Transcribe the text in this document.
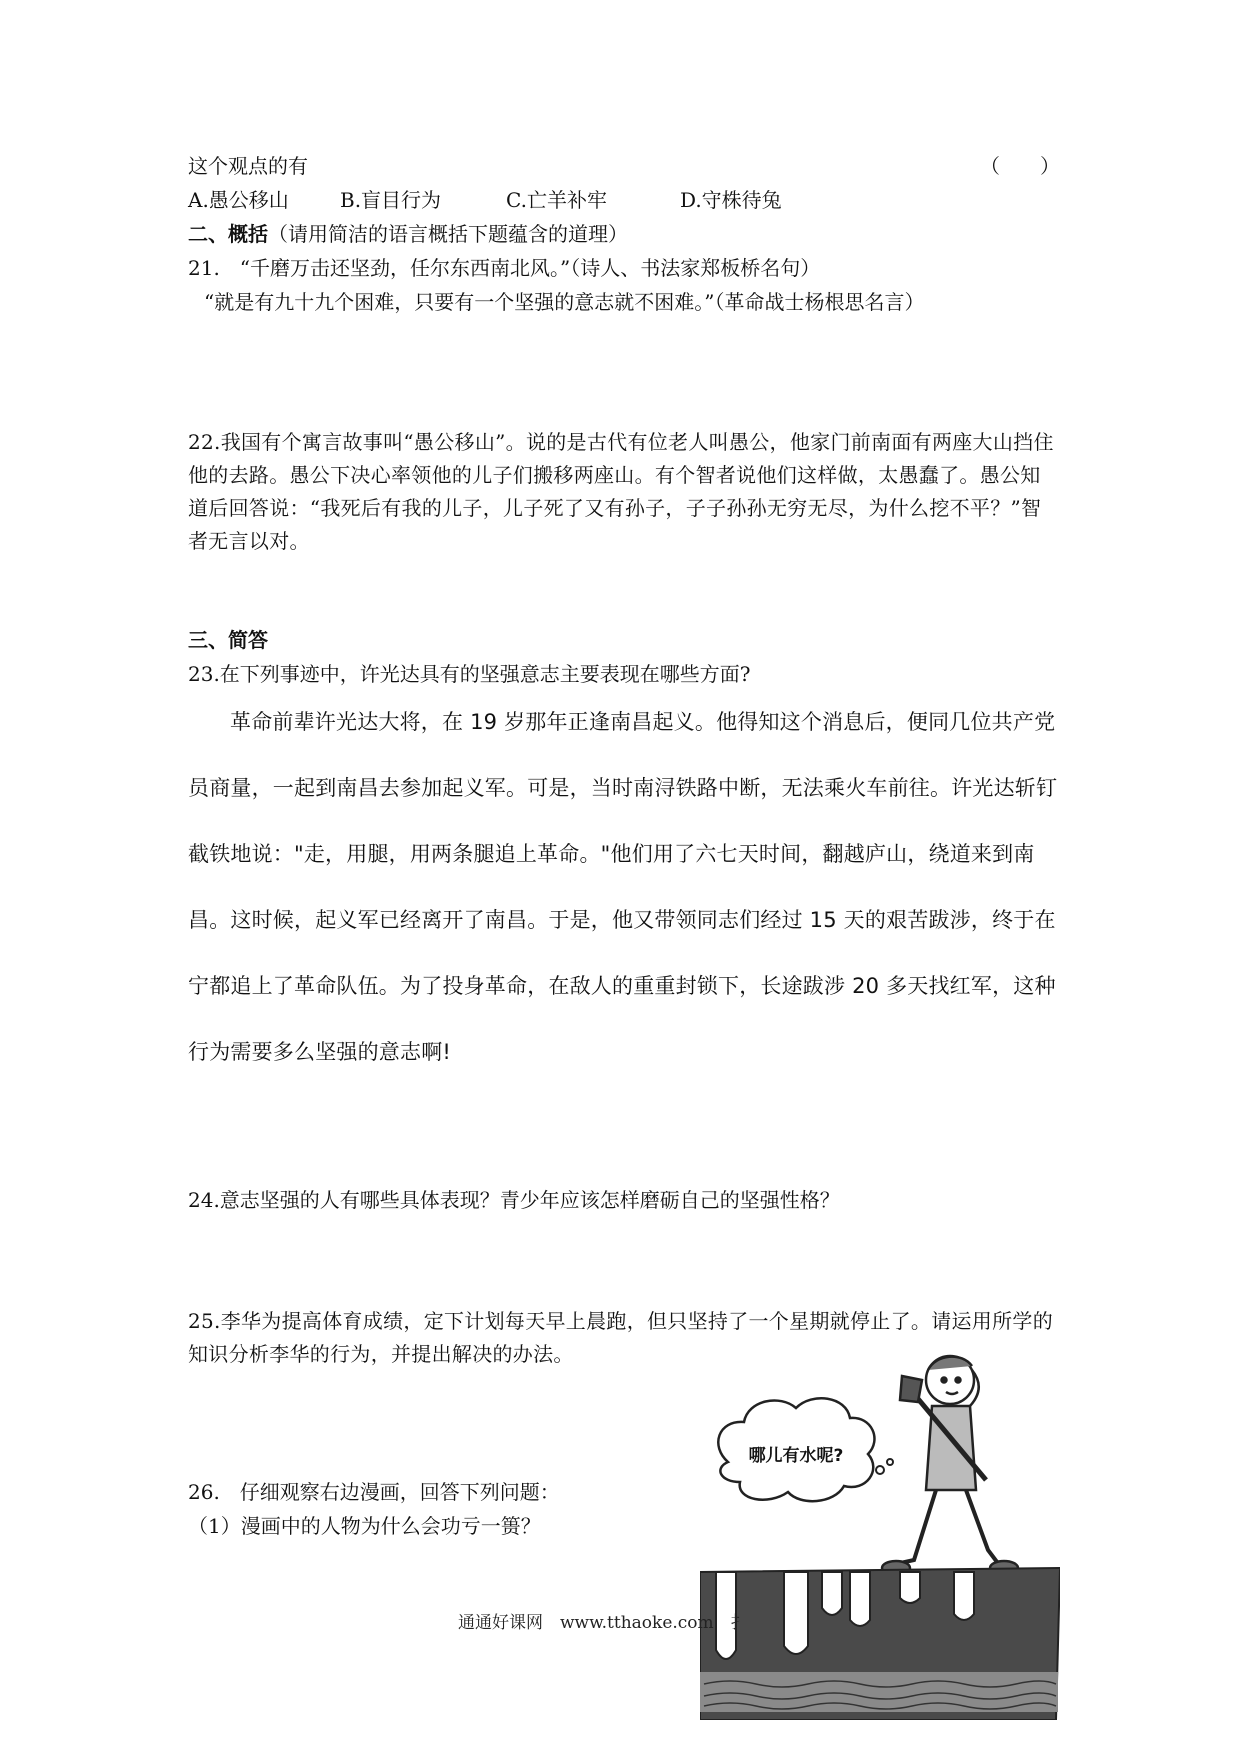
这个观点的有	（　　）
A.愚公移山	B.盲目行为	C.亡羊补牢	D.守株待兔
二、概括（请用简洁的语言概括下题蕴含的道理）
21.　“千磨万击还坚劲，任尔东西南北风。”（诗人、书法家郑板桥名句）
“就是有九十九个困难，只要有一个坚强的意志就不困难。”（革命战士杨根思名言）
22.我国有个寓言故事叫“愚公移山”。说的是古代有位老人叫愚公，他家门前南面有两座大山挡住他的去路。愚公下决心率领他的儿子们搬移两座山。有个智者说他们这样做，太愚蠢了。愚公知道后回答说：“我死后有我的儿子，儿子死了又有孙子，子子孙孙无穷无尽，为什么挖不平？”智者无言以对。
三、简答
23.在下列事迹中，许光达具有的坚强意志主要表现在哪些方面?
革命前辈许光达大将，在 19 岁那年正逢南昌起义。他得知这个消息后，便同几位共产党员商量，一起到南昌去参加起义军。可是，当时南浔铁路中断，无法乘火车前往。许光达斩钉截铁地说："走，用腿，用两条腿追上革命。"他们用了六七天时间，翻越庐山，绕道来到南昌。这时候，起义军已经离开了南昌。于是，他又带领同志们经过 15 天的艰苦跋涉，终于在宁都追上了革命队伍。为了投身革命，在敌人的重重封锁下，长途跋涉 20 多天找红军，这种行为需要多么坚强的意志啊!
24.意志坚强的人有哪些具体表现？青少年应该怎样磨砺自己的坚强性格？
25.李华为提高体育成绩，定下计划每天早上晨跑，但只坚持了一个星期就停止了。请运用所学的知识分析李华的行为，并提出解决的办法。
26.　仔细观察右边漫画，回答下列问题：
（1）漫画中的人物为什么会功亏一篑？
哪儿有水呢?
通通好课网　www.tthaoke.com　扌
